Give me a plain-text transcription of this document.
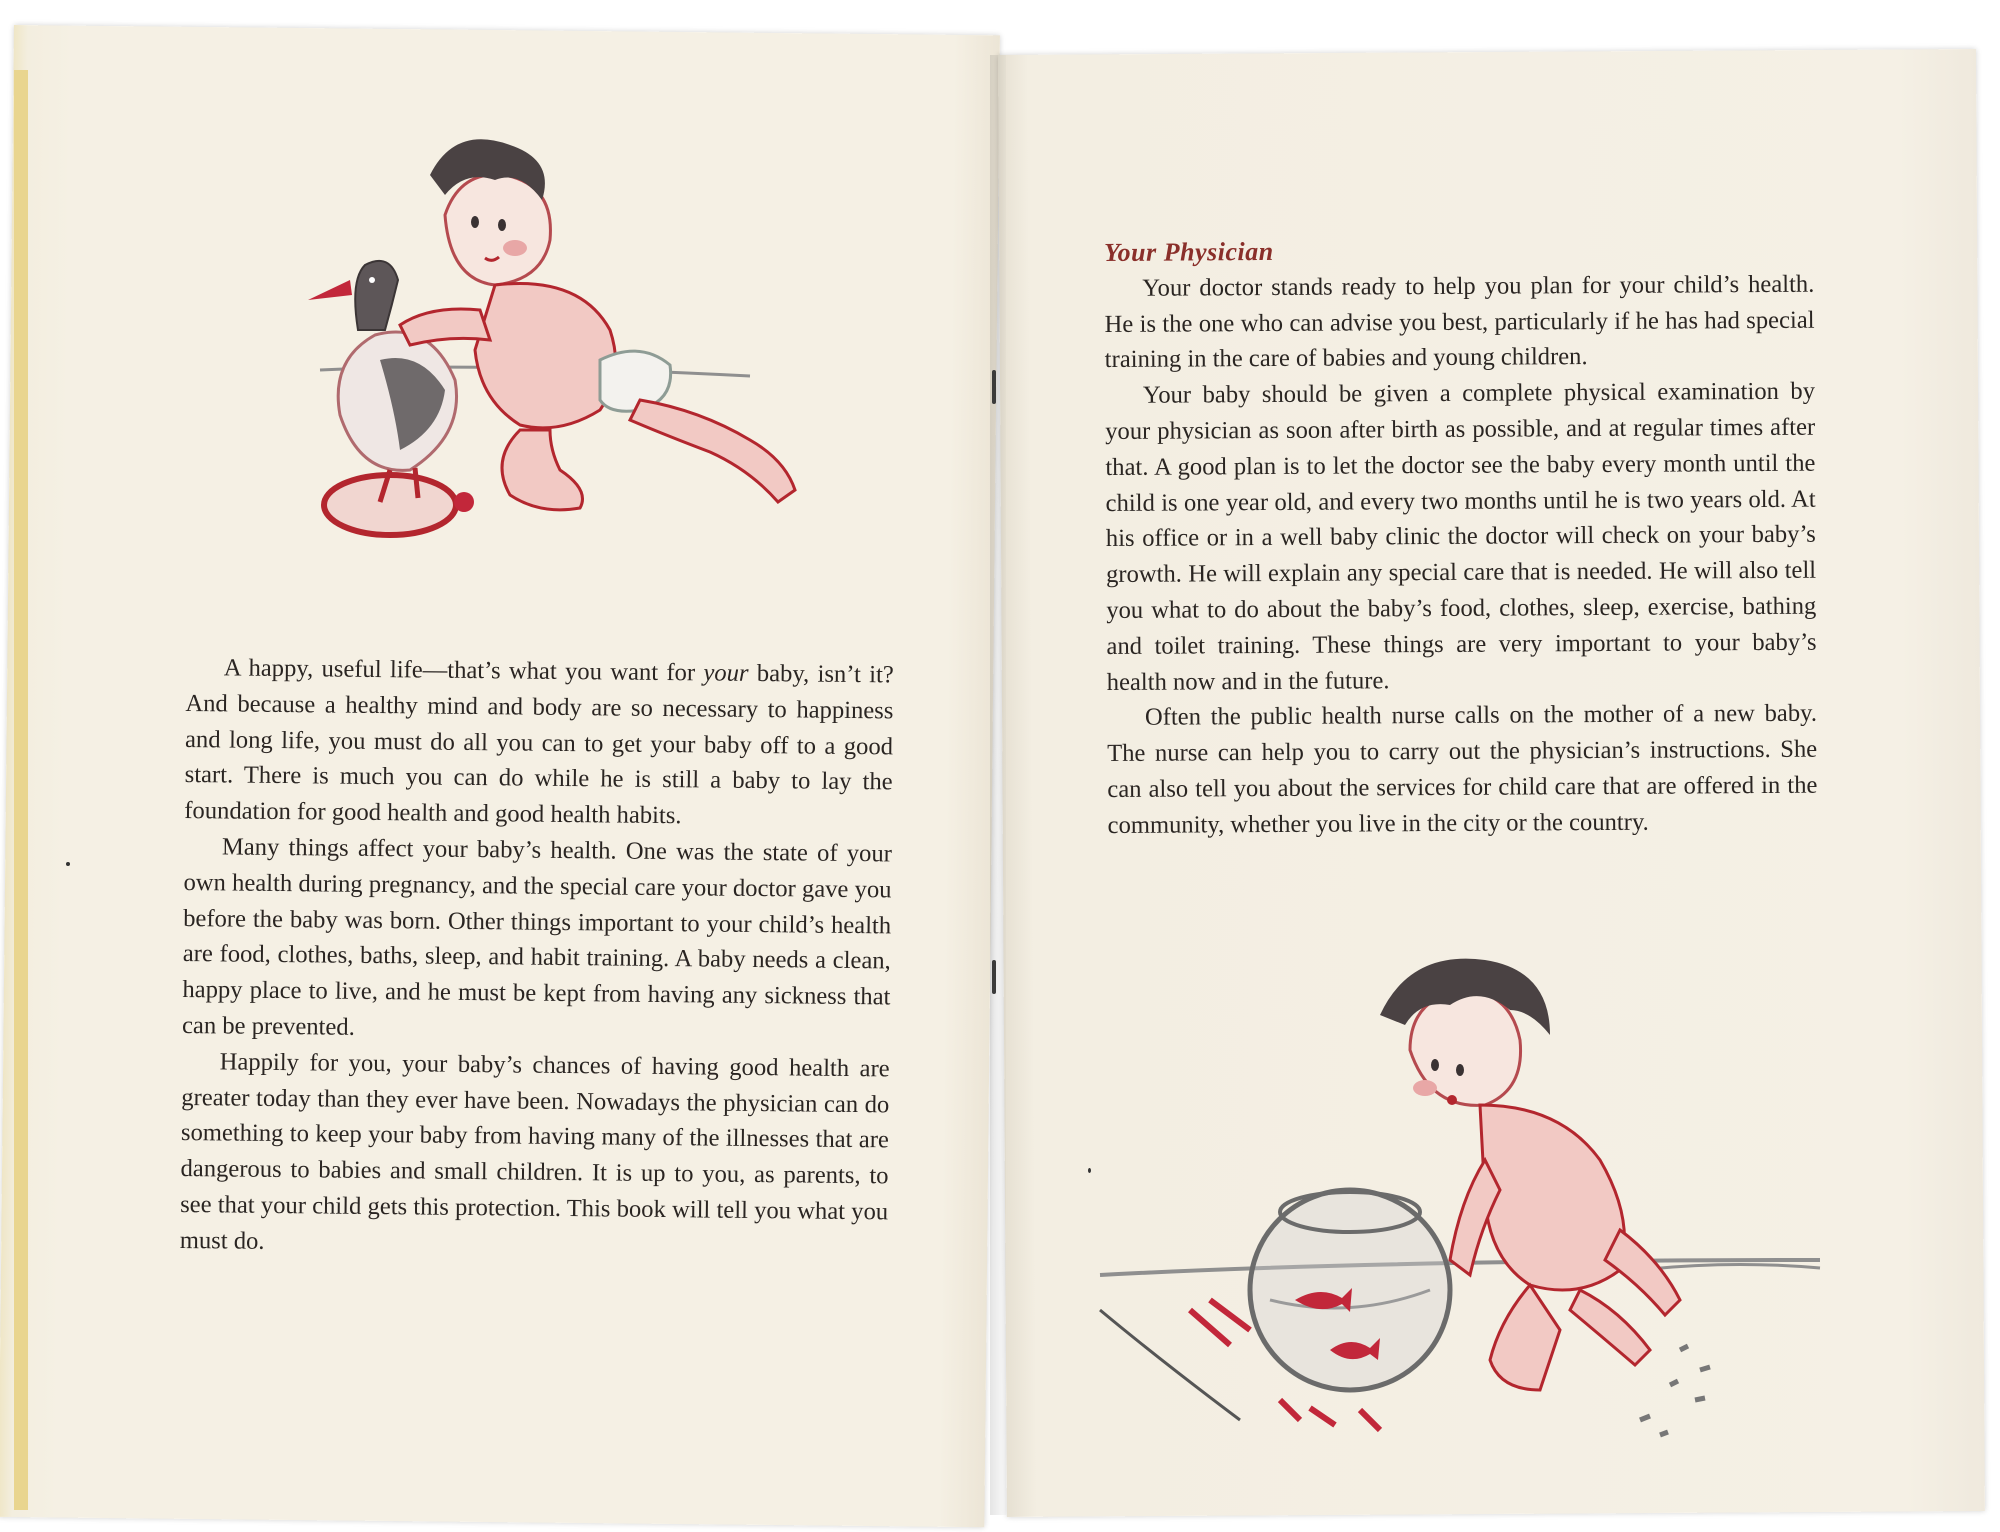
A happy, useful life—that’s what you want for your baby, isn’t it? And because a healthy mind and body are so necessary to happiness and long life, you must do all you can to get your baby off to a good start. There is much you can do while he is still a baby to lay the foundation for good health and good health habits.

Many things affect your baby’s health. One was the state of your own health during pregnancy, and the special care your doctor gave you before the baby was born. Other things important to your child’s health are food, clothes, baths, sleep, and habit training. A baby needs a clean, happy place to live, and he must be kept from having any sickness that can be prevented.

Happily for you, your baby’s chances of having good health are greater today than they ever have been. Nowadays the physician can do something to keep your baby from having many of the illnesses that are dangerous to babies and small children. It is up to you, as parents, to see that your child gets this protection. This book will tell you what you must do.

Your Physician

Your doctor stands ready to help you plan for your child’s health. He is the one who can advise you best, particularly if he has had special training in the care of babies and young children.

Your baby should be given a complete physical examination by your physician as soon after birth as possible, and at regular times after that. A good plan is to let the doctor see the baby every month until the child is one year old, and every two months until he is two years old. At his office or in a well baby clinic the doctor will check on your baby’s growth. He will explain any special care that is needed. He will also tell you what to do about the baby’s food, clothes, sleep, exercise, bathing and toilet training. These things are very important to your baby’s health now and in the future.

Often the public health nurse calls on the mother of a new baby. The nurse can help you to carry out the physician’s instructions. She can also tell you about the services for child care that are offered in the community, whether you live in the city or the country.
